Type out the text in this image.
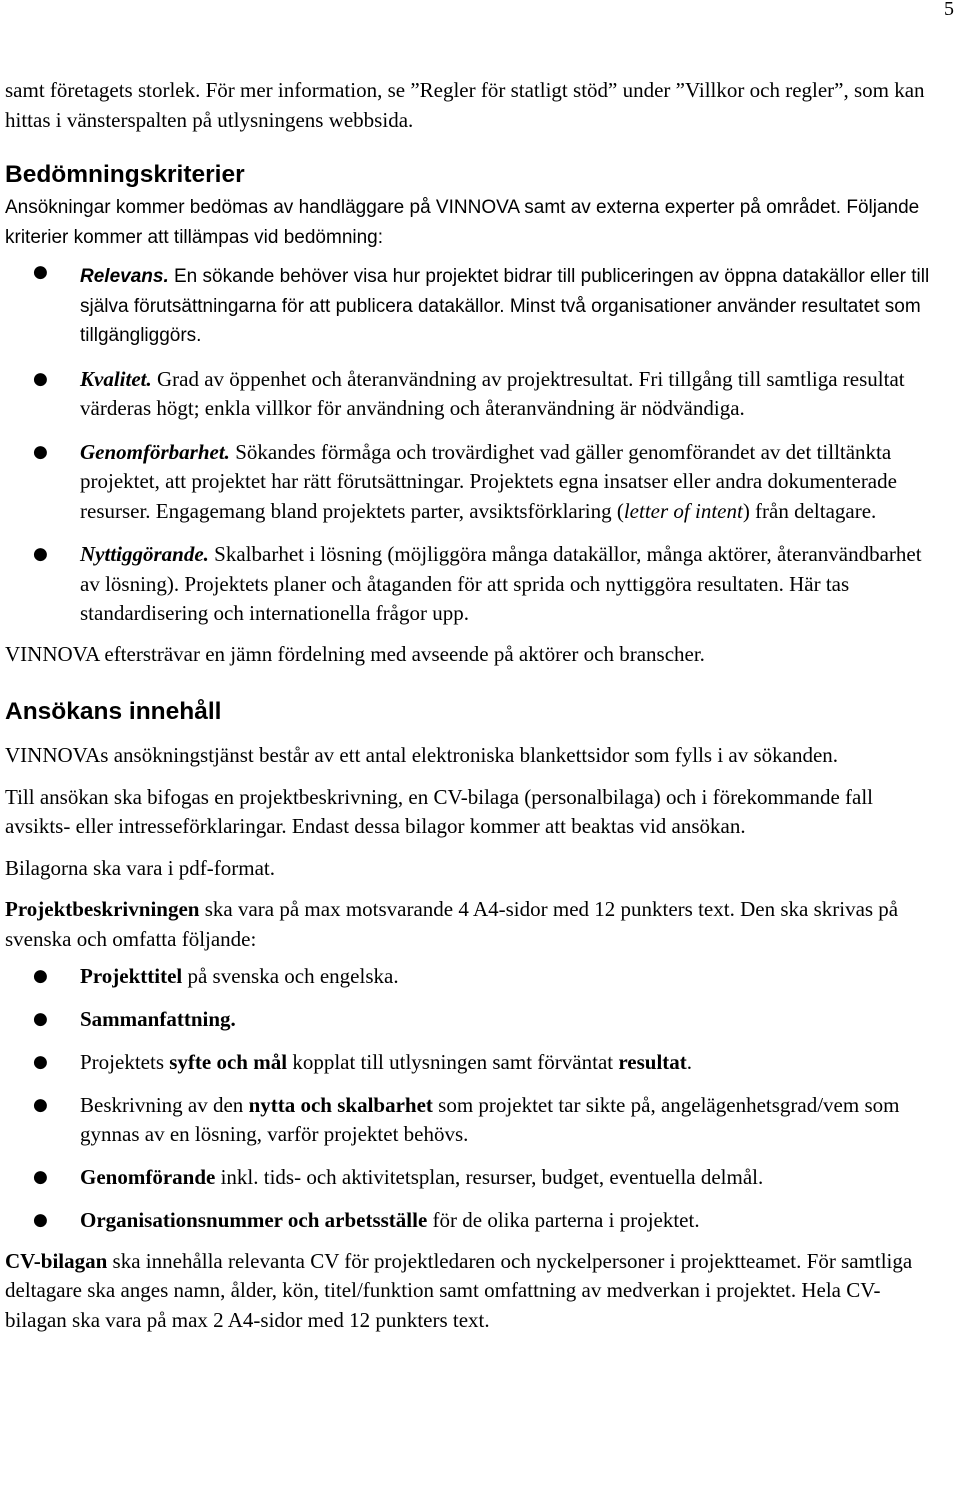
5

samt företagets storlek. För mer information, se ”Regler för statligt stöd” under ”Villkor och regler”, som kan hittas i vänsterspalten på utlysningens webbsida.

Bedömningskriterier

Ansökningar kommer bedömas av handläggare på VINNOVA samt av externa experter på området. Följande kriterier kommer att tillämpas vid bedömning:

● Relevans. En sökande behöver visa hur projektet bidrar till publiceringen av öppna datakällor eller till själva förutsättningarna för att publicera datakällor. Minst två organisationer använder resultatet som tillgängliggörs.
● Kvalitet. Grad av öppenhet och återanvändning av projektresultat. Fri tillgång till samtliga resultat värderas högt; enkla villkor för användning och återanvändning är nödvändiga.
● Genomförbarhet. Sökandes förmåga och trovärdighet vad gäller genomförandet av det tilltänkta projektet, att projektet har rätt förutsättningar. Projektets egna insatser eller andra dokumenterade resurser. Engagemang bland projektets parter, avsiktsförklaring (letter of intent) från deltagare.
● Nyttiggörande. Skalbarhet i lösning (möjliggöra många datakällor, många aktörer, återanvändbarhet av lösning). Projektets planer och åtaganden för att sprida och nyttiggöra resultaten. Här tas standardisering och internationella frågor upp.

VINNOVA eftersträvar en jämn fördelning med avseende på aktörer och branscher.

Ansökans innehåll

VINNOVAs ansökningstjänst består av ett antal elektroniska blankettsidor som fylls i av sökanden.

Till ansökan ska bifogas en projektbeskrivning, en CV-bilaga (personalbilaga) och i förekommande fall avsikts- eller intresseförklaringar. Endast dessa bilagor kommer att beaktas vid ansökan.

Bilagorna ska vara i pdf-format.

Projektbeskrivningen ska vara på max motsvarande 4 A4-sidor med 12 punkters text. Den ska skrivas på svenska och omfatta följande:

● Projekttitel på svenska och engelska.
● Sammanfattning.
● Projektets syfte och mål kopplat till utlysningen samt förväntat resultat.
● Beskrivning av den nytta och skalbarhet som projektet tar sikte på, angelägenhetsgrad/vem som gynnas av en lösning, varför projektet behövs.
● Genomförande inkl. tids- och aktivitetsplan, resurser, budget, eventuella delmål.
● Organisationsnummer och arbetsställe för de olika parterna i projektet.

CV-bilagan ska innehålla relevanta CV för projektledaren och nyckelpersoner i projektteamet. För samtliga deltagare ska anges namn, ålder, kön, titel/funktion samt omfattning av medverkan i projektet. Hela CV-bilagan ska vara på max 2 A4-sidor med 12 punkters text.
